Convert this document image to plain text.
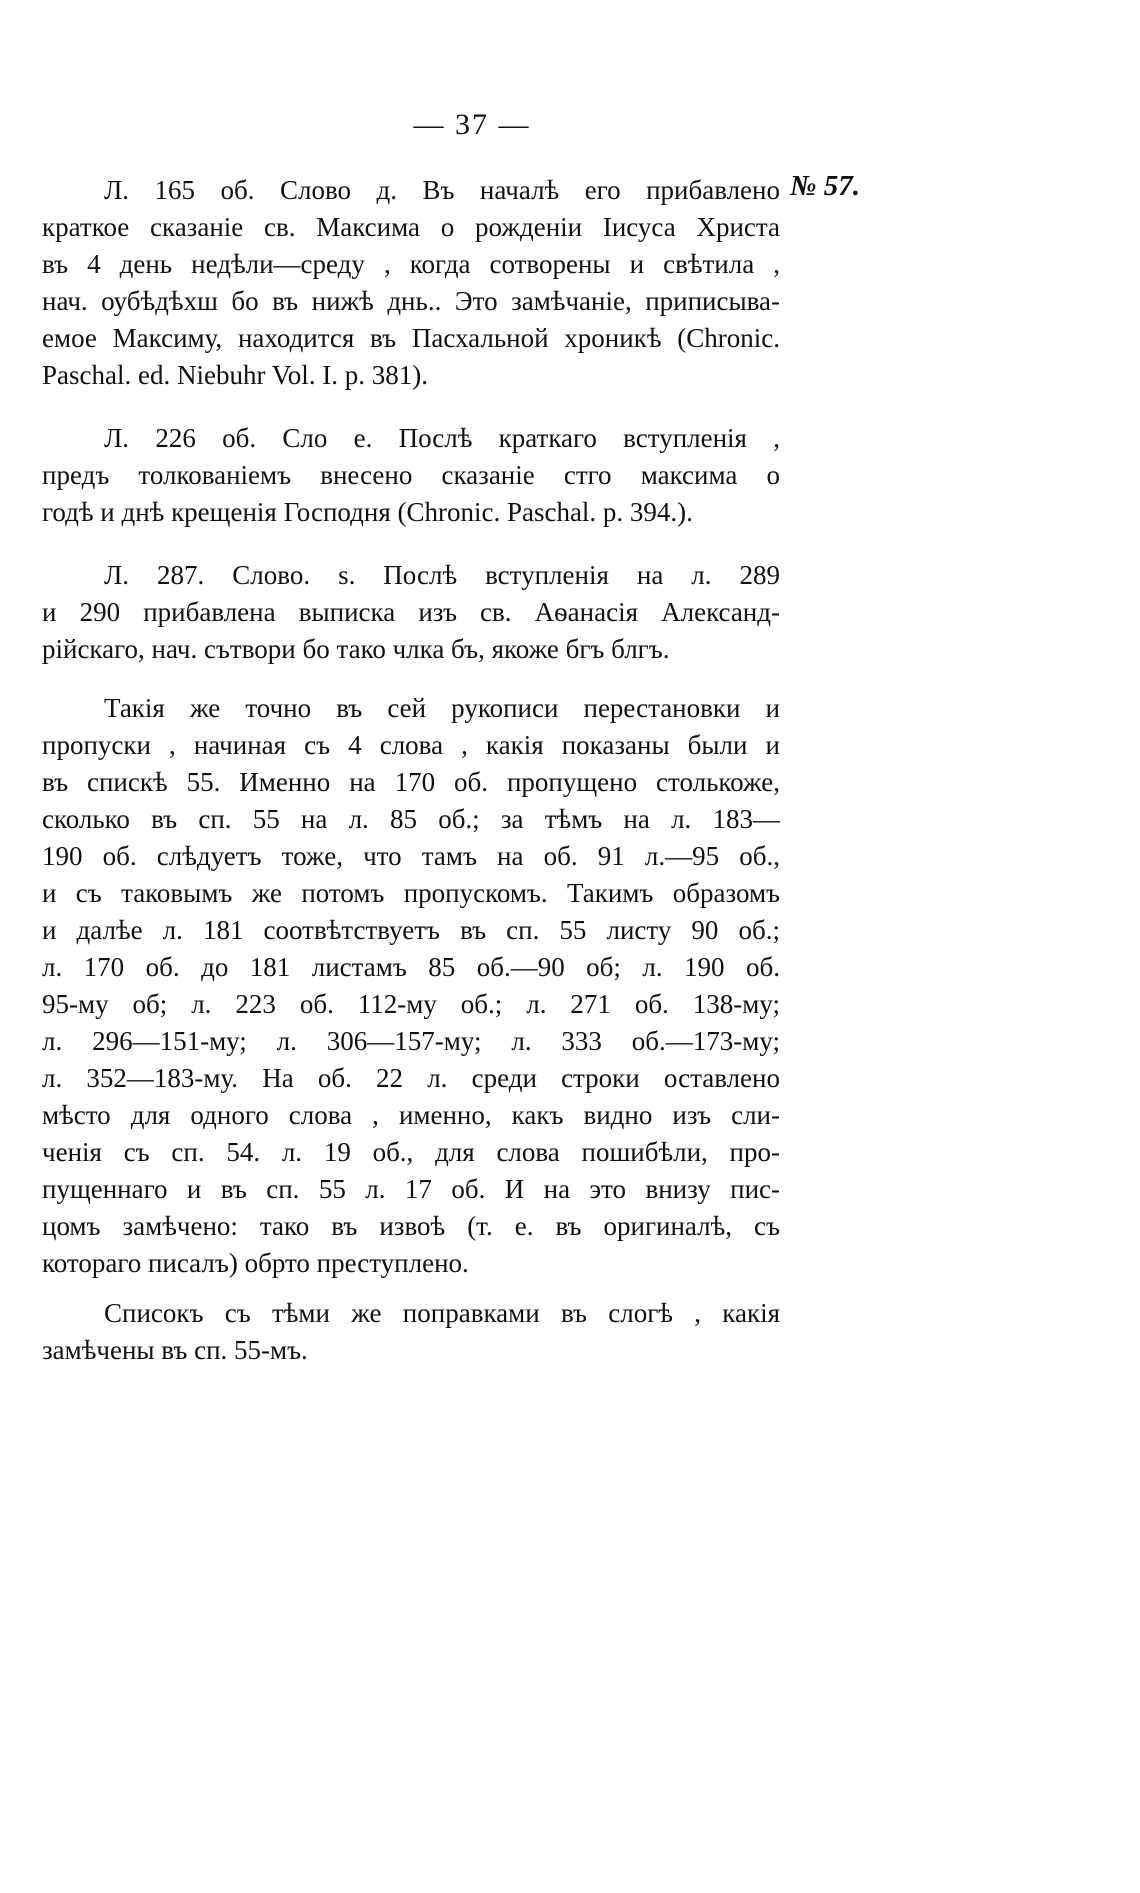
— 37 —
№ 57.
Л. 165 об. Слово д. Въ началѣ его прибавлено
краткое сказаніе св. Максима о рожденіи Іисуса Христа
въ 4 день недѣли—среду , когда сотворены и свѣтила ,
нач. оубѣдѣхш бо въ нижѣ днь.. Это замѣчаніе, приписыва-
емое Максиму, находится въ Пасхальной хроникѣ (Chronic.
Paschal. ed. Niebuhr Vol. I. p. 381).
Л. 226 об. Сло е. Послѣ краткаго вступленія ,
предъ толкованіемъ внесено сказаніе стго максима о
годѣ и днѣ крещенія Господня (Chronic. Paschal. p. 394.).
Л. 287. Слово. ѕ. Послѣ вступленія на л. 289
и 290 прибавлена выписка изъ св. Аѳанасія Александ-
рійскаго, нач. сътвори бо тако члка бъ, якоже бгъ блгъ.
Такія же точно въ сей рукописи перестановки и
пропуски , начиная съ 4 слова , какія показаны были и
въ спискѣ 55. Именно на 170 об. пропущено столькоже,
сколько въ сп. 55 на л. 85 об.; за тѣмъ на л. 183—
190 об. слѣдуетъ тоже, что тамъ на об. 91 л.—95 об.,
и съ таковымъ же потомъ пропускомъ. Такимъ образомъ
и далѣе л. 181 соотвѣтствуетъ въ сп. 55 листу 90 об.;
л. 170 об. до 181 листамъ 85 об.—90 об; л. 190 об.
95-му об; л. 223 об. 112-му об.; л. 271 об. 138-му;
л. 296—151-му; л. 306—157-му; л. 333 об.—173-му;
л. 352—183-му. На об. 22 л. среди строки оставлено
мѣсто для одного слова , именно, какъ видно изъ сли-
ченія съ сп. 54. л. 19 об., для слова пошибѣли, про-
пущеннаго и въ сп. 55 л. 17 об. И на это внизу пис-
цомъ замѣчено: тако въ извоѣ (т. е. въ оригиналѣ, съ
котораго писалъ) обрто преступлено.
Списокъ съ тѣми же поправками въ слогѣ , какія
замѣчены въ сп. 55-мъ.
